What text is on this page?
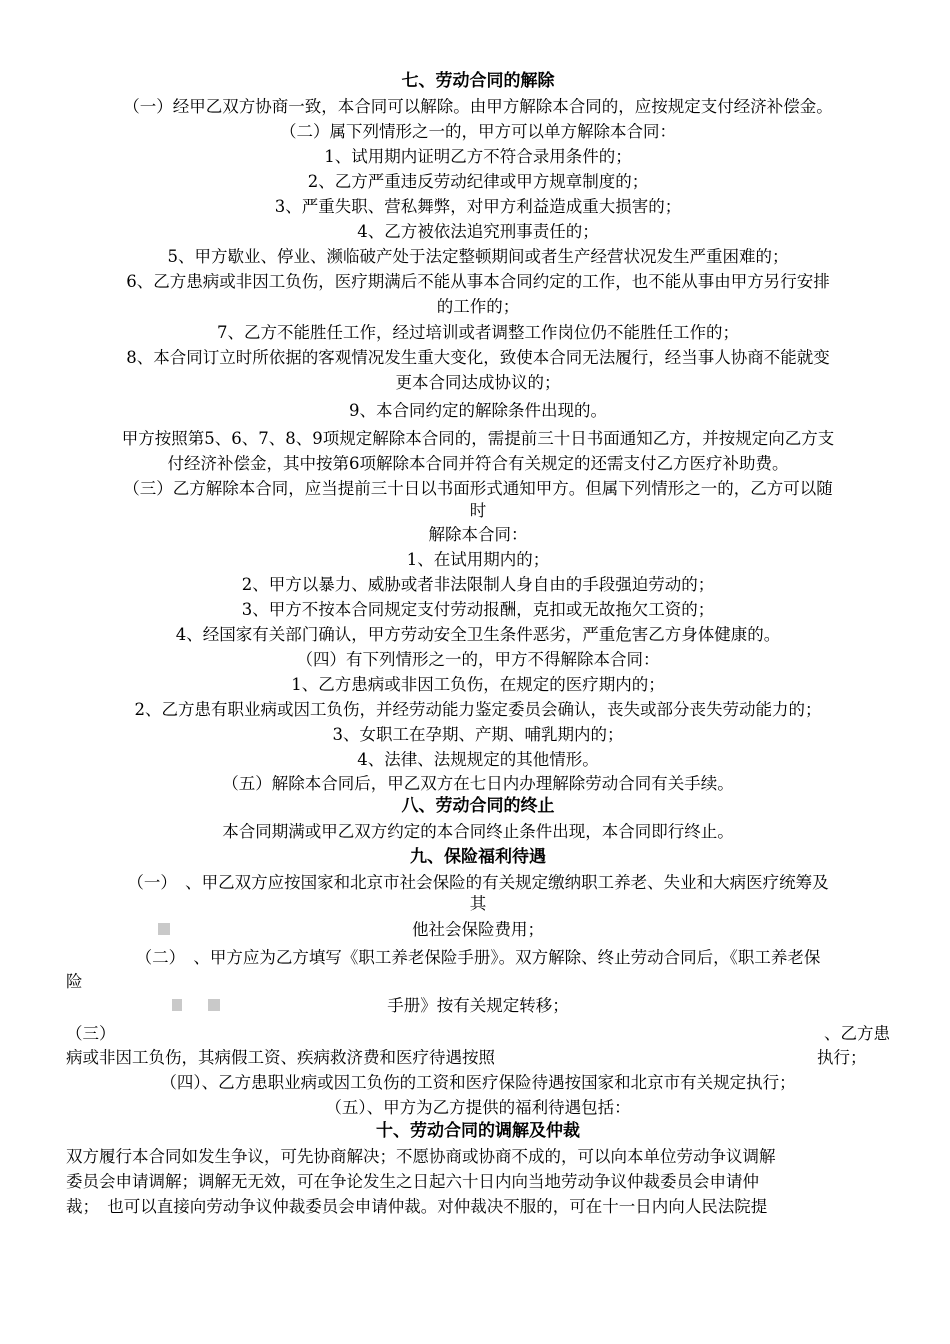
七、劳动合同的解除
（一）经甲乙双方协商一致，本合同可以解除。由甲方解除本合同的，应按规定支付经济补偿金。
（二）属下列情形之一的，甲方可以单方解除本合同：
1、试用期内证明乙方不符合录用条件的；
2、乙方严重违反劳动纪律或甲方规章制度的；
3、严重失职、营私舞弊，对甲方利益造成重大损害的；
4、乙方被依法追究刑事责任的；
5、甲方歇业、停业、濒临破产处于法定整顿期间或者生产经营状况发生严重困难的；
6、乙方患病或非因工负伤，医疗期满后不能从事本合同约定的工作，也不能从事由甲方另行安排
的工作的；
7、乙方不能胜任工作，经过培训或者调整工作岗位仍不能胜任工作的；
8、本合同订立时所依据的客观情况发生重大变化，致使本合同无法履行，经当事人协商不能就变
更本合同达成协议的；
9、本合同约定的解除条件出现的。
甲方按照第5、6、7、8、9项规定解除本合同的，需提前三十日书面通知乙方，并按规定向乙方支
付经济补偿金，其中按第6项解除本合同并符合有关规定的还需支付乙方医疗补助费。
（三）乙方解除本合同，应当提前三十日以书面形式通知甲方。但属下列情形之一的，乙方可以随
时
解除本合同：
1、在试用期内的；
2、甲方以暴力、威胁或者非法限制人身自由的手段强迫劳动的；
3、甲方不按本合同规定支付劳动报酬，克扣或无故拖欠工资的；
4、经国家有关部门确认，甲方劳动安全卫生条件恶劣，严重危害乙方身体健康的。
（四）有下列情形之一的，甲方不得解除本合同：
1、乙方患病或非因工负伤，在规定的医疗期内的；
2、乙方患有职业病或因工负伤，并经劳动能力鉴定委员会确认，丧失或部分丧失劳动能力的；
3、女职工在孕期、产期、哺乳期内的；
4、法律、法规规定的其他情形。
（五）解除本合同后，甲乙双方在七日内办理解除劳动合同有关手续。
八、劳动合同的终止
本合同期满或甲乙双方约定的本合同终止条件出现，本合同即行终止。
九、保险福利待遇
（一）　、甲乙双方应按国家和北京市社会保险的有关规定缴纳职工养老、失业和大病医疗统筹及
其
他社会保险费用；
（二）　、甲方应为乙方填写《职工养老保险手册》。双方解除、终止劳动合同后，《职工养老保
险
手册》按有关规定转移；
（三）	、乙方患
病或非因工负伤，其病假工资、疾病救济费和医疗待遇按照	执行；
（四）、乙方患职业病或因工负伤的工资和医疗保险待遇按国家和北京市有关规定执行；
（五）、甲方为乙方提供的福利待遇包括：
十、劳动合同的调解及仲裁
双方履行本合同如发生争议，可先协商解决；不愿协商或协商不成的，可以向本单位劳动争议调解
委员会申请调解；调解无无效，可在争论发生之日起六十日内向当地劳动争议仲裁委员会申请仲
裁；　也可以直接向劳动争议仲裁委员会申请仲裁。对仲裁决不服的，可在十一日内向人民法院提
